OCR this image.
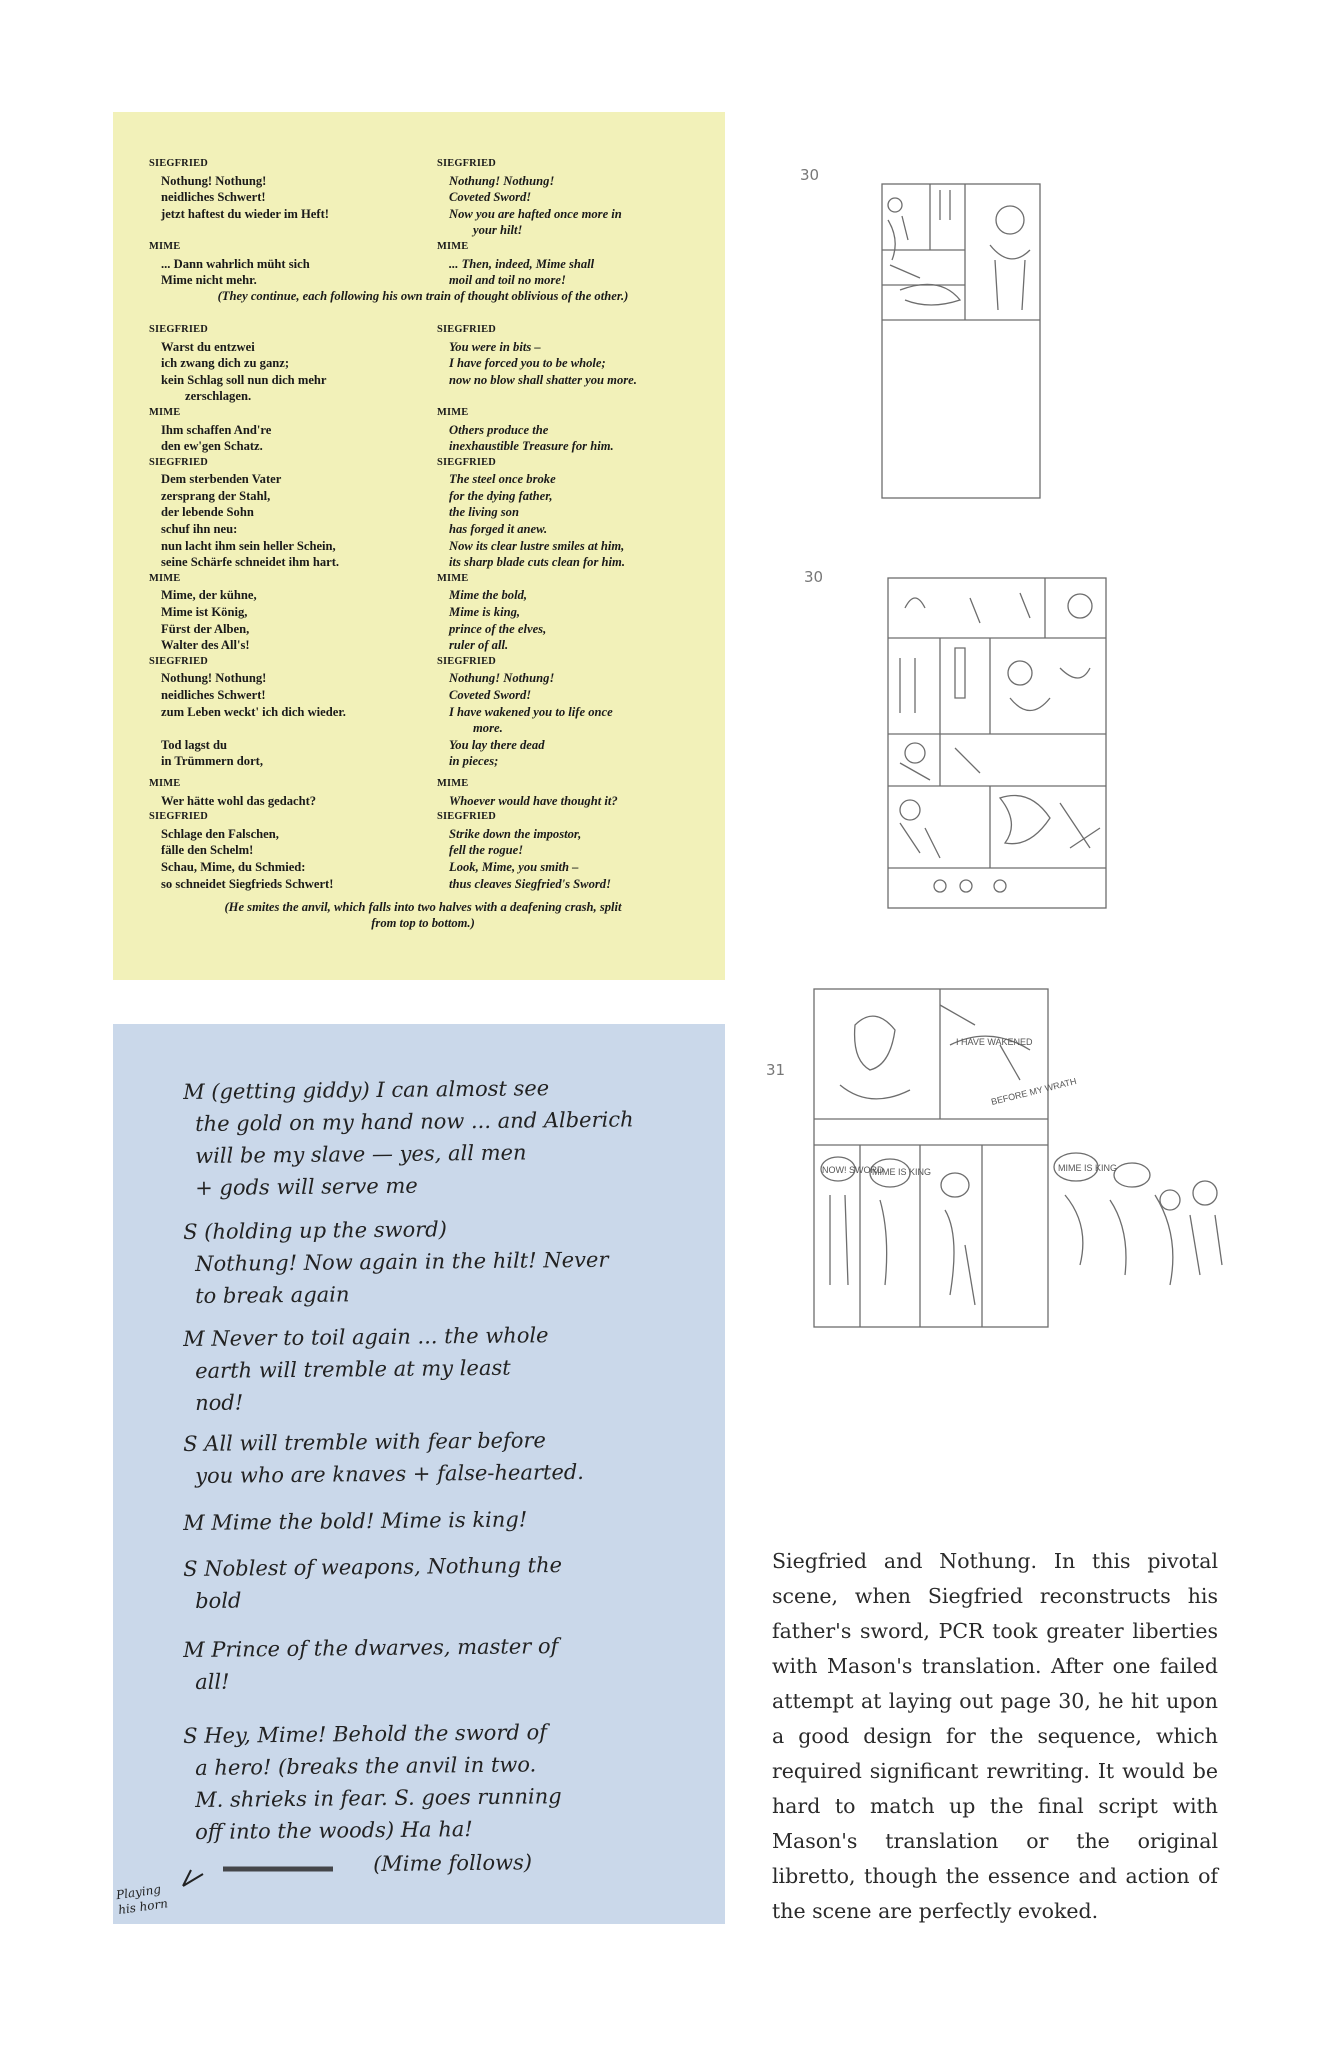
SIEGFRIED
Nothung! Nothung!
neidliches Schwert!
jetzt haftest du wieder im Heft!

MIME
... Dann wahrlich müht sich
Mime nicht mehr.

SIEGFRIED
Warst du entzwei
ich zwang dich zu ganz;
kein Schlag soll nun dich mehr
zerschlagen.
MIME
Ihm schaffen And're
den ew'gen Schatz.
SIEGFRIED
Dem sterbenden Vater
zersprang der Stahl,
der lebende Sohn
schuf ihn neu:
nun lacht ihm sein heller Schein,
seine Schärfe schneidet ihm hart.
MIME
Mime, der kühne,
Mime ist König,
Fürst der Alben,
Walter des All's!
SIEGFRIED
Nothung! Nothung!
neidliches Schwert!
zum Leben weckt' ich dich wieder.

Tod lagst du
in Trümmern dort,
MIME
Wer hätte wohl das gedacht?
SIEGFRIED
Schlage den Falschen,
fälle den Schelm!
Schau, Mime, du Schmied:
so schneidet Siegfrieds Schwert!
SIEGFRIED
Nothung! Nothung!
Coveted Sword!
Now you are hafted once more in
your hilt!
MIME
... Then, indeed, Mime shall
moil and toil no more!

SIEGFRIED
You were in bits –
I have forced you to be whole;
now no blow shall shatter you more.

MIME
Others produce the
inexhaustible Treasure for him.
SIEGFRIED
The steel once broke
for the dying father,
the living son
has forged it anew.
Now its clear lustre smiles at him,
its sharp blade cuts clean for him.
MIME
Mime the bold,
Mime is king,
prince of the elves,
ruler of all.
SIEGFRIED
Nothung! Nothung!
Coveted Sword!
I have wakened you to life once
more.
You lay there dead
in pieces;
MIME
Whoever would have thought it?
SIEGFRIED
Strike down the impostor,
fell the rogue!
Look, Mime, you smith –
thus cleaves Siegfried's Sword!
(They continue, each following his own train of thought oblivious of the other.)
(He smites the anvil, which falls into two halves with a deafening crash, split from top to bottom.)
M (getting giddy) I can almost see
the gold on my hand now ... and Alberich
will be my slave — yes, all men
+ gods will serve me
S (holding up the sword)
Nothung! Now again in the hilt! Never
to break again
M Never to toil again ... the whole
earth will tremble at my least
nod!
S All will tremble with fear before
you who are knaves + false-hearted.
M Mime the bold! Mime is king!
S Noblest of weapons, Nothung the
bold
M Prince of the dwarves, master of
all!
S Hey, Mime! Behold the sword of
a hero! (breaks the anvil in two.
M. shrieks in fear. S. goes running
off into the woods) Ha ha!
(Mime follows)
Playing his horn
30
30
31
I HAVE WAKENED
BEFORE MY WRATH
NOW! SWORD
MIME IS KING	MIME IS KING
Siegfried and Nothung. In this pivotal scene, when Siegfried reconstructs his father's sword, PCR took greater liberties with Mason's translation. After one failed attempt at laying out page 30, he hit upon a good design for the sequence, which required significant rewriting. It would be hard to match up the final script with Mason's translation or the original libretto, though the essence and action of the scene are perfectly evoked.
